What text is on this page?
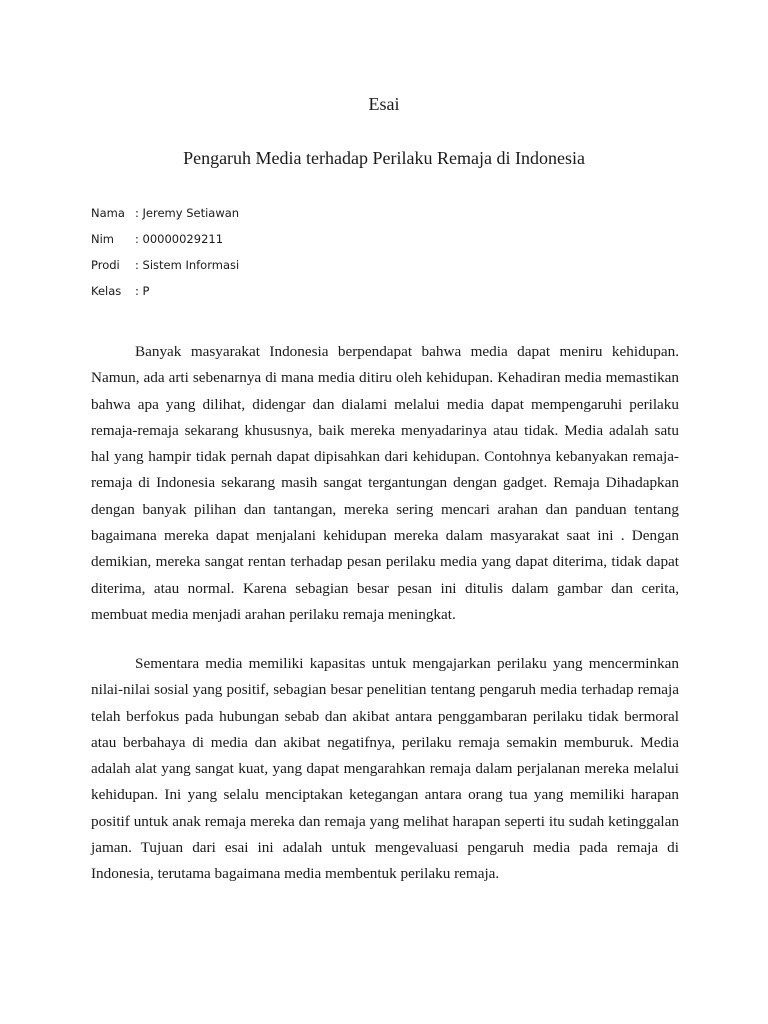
Esai
Pengaruh Media terhadap Perilaku Remaja di Indonesia
Nama : Jeremy Setiawan
Nim	: 00000029211
Prodi	: Sistem Informasi
Kelas	: P

Banyak masyarakat Indonesia berpendapat bahwa media dapat meniru kehidupan. Namun, ada arti sebenarnya di mana media ditiru oleh kehidupan. Kehadiran media memastikan bahwa apa yang dilihat, didengar dan dialami melalui media dapat mempengaruhi perilaku remaja-remaja sekarang khususnya, baik mereka menyadarinya atau tidak. Media adalah satu hal yang hampir tidak pernah dapat dipisahkan dari kehidupan. Contohnya kebanyakan remaja-remaja di Indonesia sekarang masih sangat tergantungan dengan gadget. Remaja Dihadapkan dengan banyak pilihan dan tantangan, mereka sering mencari arahan dan panduan tentang bagaimana mereka dapat menjalani kehidupan mereka dalam masyarakat saat ini . Dengan demikian, mereka sangat rentan terhadap pesan perilaku media yang dapat diterima, tidak dapat diterima, atau normal. Karena sebagian besar pesan ini ditulis dalam gambar dan cerita, membuat media menjadi arahan perilaku remaja meningkat.

Sementara media memiliki kapasitas untuk mengajarkan perilaku yang mencerminkan nilai-nilai sosial yang positif, sebagian besar penelitian tentang pengaruh media terhadap remaja telah berfokus pada hubungan sebab dan akibat antara penggambaran perilaku tidak bermoral atau berbahaya di media dan akibat negatifnya, perilaku remaja semakin memburuk. Media adalah alat yang sangat kuat, yang dapat mengarahkan remaja dalam perjalanan mereka melalui kehidupan. Ini yang selalu menciptakan ketegangan antara orang tua yang memiliki harapan positif untuk anak remaja mereka dan remaja yang melihat harapan seperti itu sudah ketinggalan jaman. Tujuan dari esai ini adalah untuk mengevaluasi pengaruh media pada remaja di Indonesia, terutama bagaimana media membentuk perilaku remaja.
